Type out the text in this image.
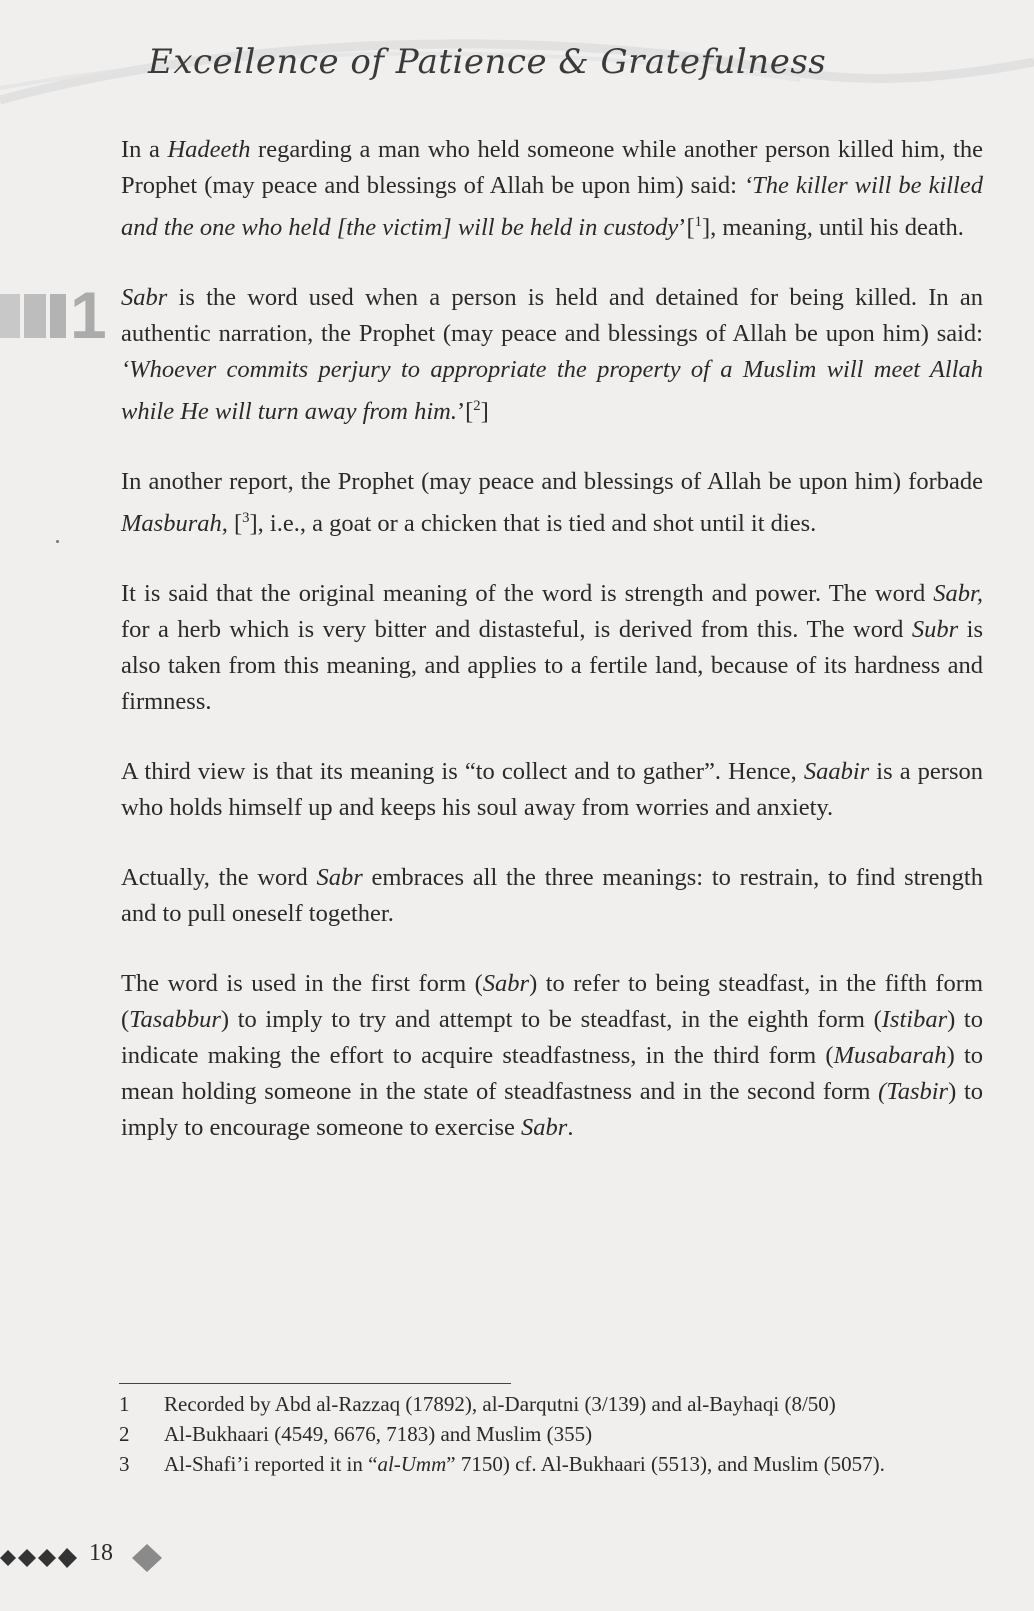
Excellence of Patience & Gratefulness
1

In a Hadeeth regarding a man who held someone while another person killed him, the Prophet (may peace and blessings of Allah be upon him) said: ‘The killer will be killed and the one who held [the victim] will be held in custody’[$^1$], meaning, until his death.

Sabr is the word used when a person is held and detained for being killed. In an authentic narration, the Prophet (may peace and blessings of Allah be upon him) said: ‘Whoever commits perjury to appropriate the property of a Muslim will meet Allah while He will turn away from him.’[$^2$]

In another report, the Prophet (may peace and blessings of Allah be upon him) forbade Masburah, [$^3$], i.e., a goat or a chicken that is tied and shot until it dies.

It is said that the original meaning of the word is strength and power. The word Sabr, for a herb which is very bitter and distasteful, is derived from this. The word Subr is also taken from this meaning, and applies to a fertile land, because of its hardness and firmness.

A third view is that its meaning is “to collect and to gather”. Hence, Saabir is a person who holds himself up and keeps his soul away from worries and anxiety.

Actually, the word Sabr embraces all the three meanings: to restrain, to find strength and to pull oneself together.

The word is used in the first form (Sabr) to refer to being steadfast, in the fifth form (Tasabbur) to imply to try and attempt to be steadfast, in the eighth form (Istibar) to indicate making the effort to acquire steadfastness, in the third form (Musabarah) to mean holding someone in the state of steadfastness and in the second form (Tasbir) to imply to encourage someone to exercise Sabr.

1 Recorded by Abd al-Razzaq (17892), al-Darqutni (3/139) and al-Bayhaqi (8/50)
2 Al-Bukhaari (4549, 6676, 7183) and Muslim (355)
3 Al-Shafi’i reported it in “al-Umm” 7150) cf. Al-Bukhaari (5513), and Muslim (5057).
18
